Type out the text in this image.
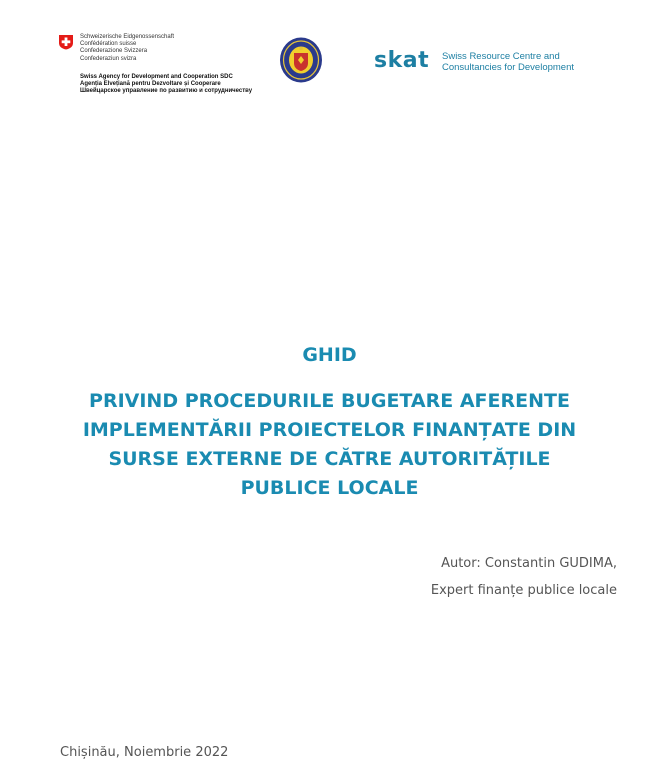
Schweizerische Eidgenossenschaft
Confédération suisse
Confederazione Svizzera
Confederaziun svizra
Swiss Agency for Development and Cooperation SDC
Agenția Elvețiană pentru Dezvoltare și Cooperare
Швейцарское управление по развитию и сотрудничеству
skat Swiss Resource Centre and
Consultancies for Development
GHID
PRIVIND PROCEDURILE BUGETARE AFERENTE
IMPLEMENTĂRII PROIECTELOR FINANȚATE DIN
SURSE EXTERNE DE CĂTRE AUTORITĂȚILE
PUBLICE LOCALE
Autor: Constantin GUDIMA,
Expert finanțe publice locale
Chișinău, Noiembrie 2022
